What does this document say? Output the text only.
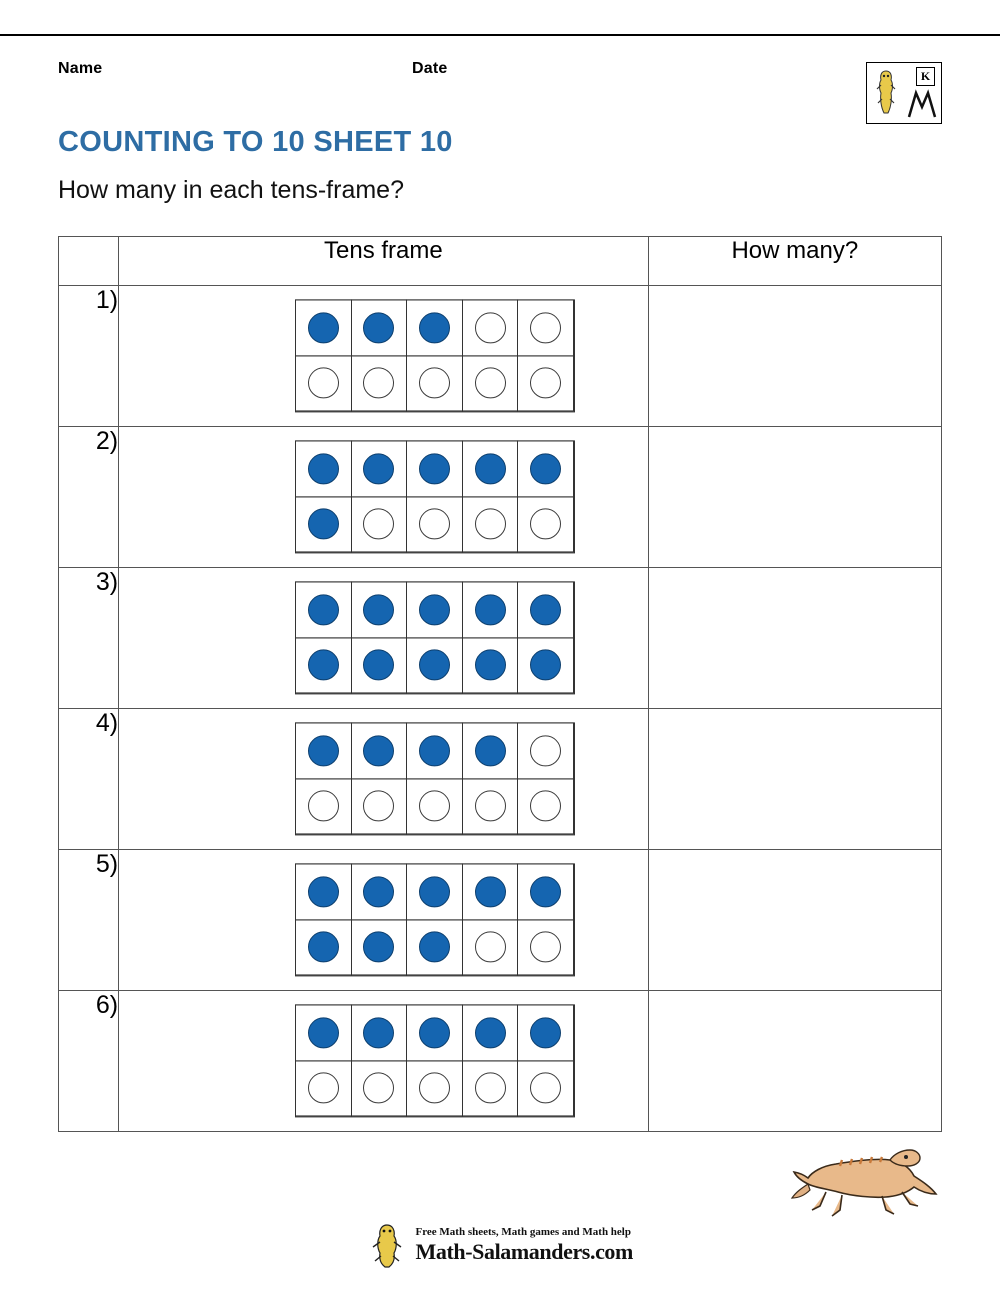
Name	Date	K
COUNTING TO 10 SHEET 10
How many in each tens-frame?
	Tens frame	How many?
1)	

2)	

3)	

4)	

5)	

6)	

Free Math sheets, Math games and Math help
Math-Salamanders.com
